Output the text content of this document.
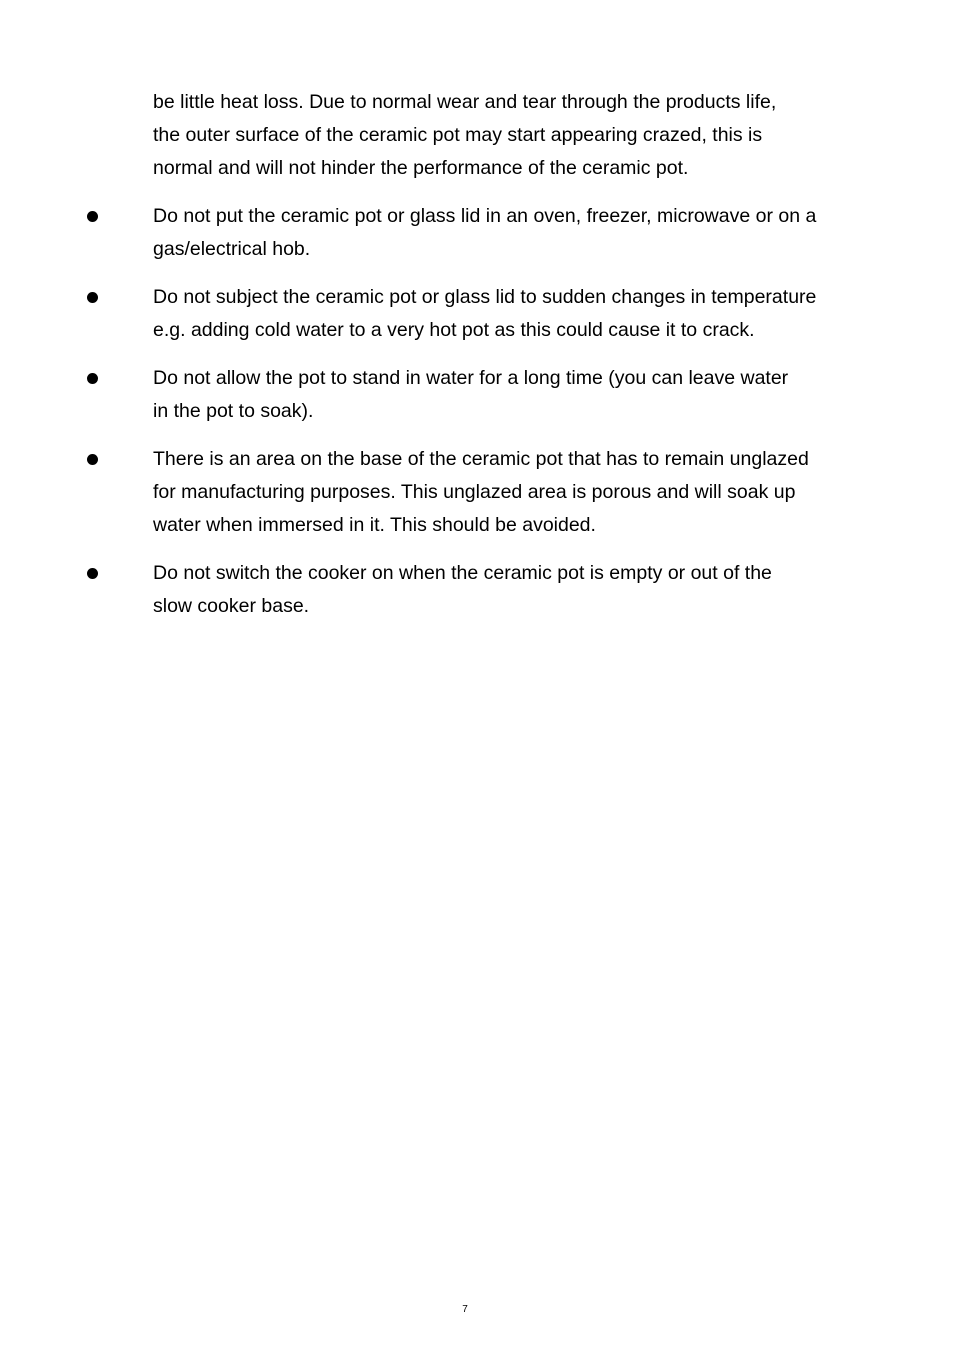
be little heat loss. Due to normal wear and tear through the products life,
the outer surface of the ceramic pot may start appearing crazed, this is
normal and will not hinder the performance of the ceramic pot.

Do not put the ceramic pot or glass lid in an oven, freezer, microwave or on a
gas/electrical hob.
Do not subject the ceramic pot or glass lid to sudden changes in temperature
e.g. adding cold water to a very hot pot as this could cause it to crack.
Do not allow the pot to stand in water for a long time (you can leave water
in the pot to soak).
There is an area on the base of the ceramic pot that has to remain unglazed
for manufacturing purposes. This unglazed area is porous and will soak up
water when immersed in it. This should be avoided.
Do not switch the cooker on when the ceramic pot is empty or out of the
slow cooker base.
7
